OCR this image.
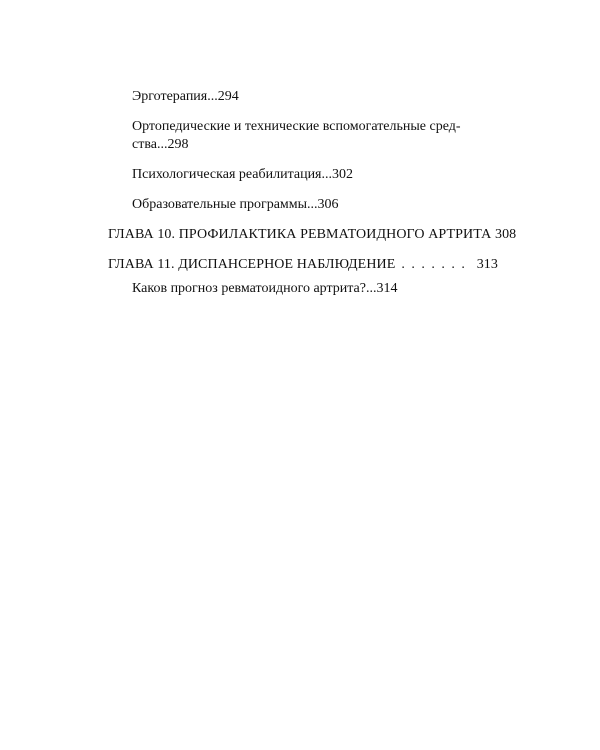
Эрготерапия...294
Ортопедические и технические вспомогательные сред-ства...298
Психологическая реабилитация...302
Образовательные программы...306
ГЛАВА 10. ПРОФИЛАКТИКА РЕВМАТОИДНОГО АРТРИТА 308
ГЛАВА 11. ДИСПАНСЕРНОЕ НАБЛЮДЕНИЕ . . .	313
Каков прогноз ревматоидного артрита?...314
